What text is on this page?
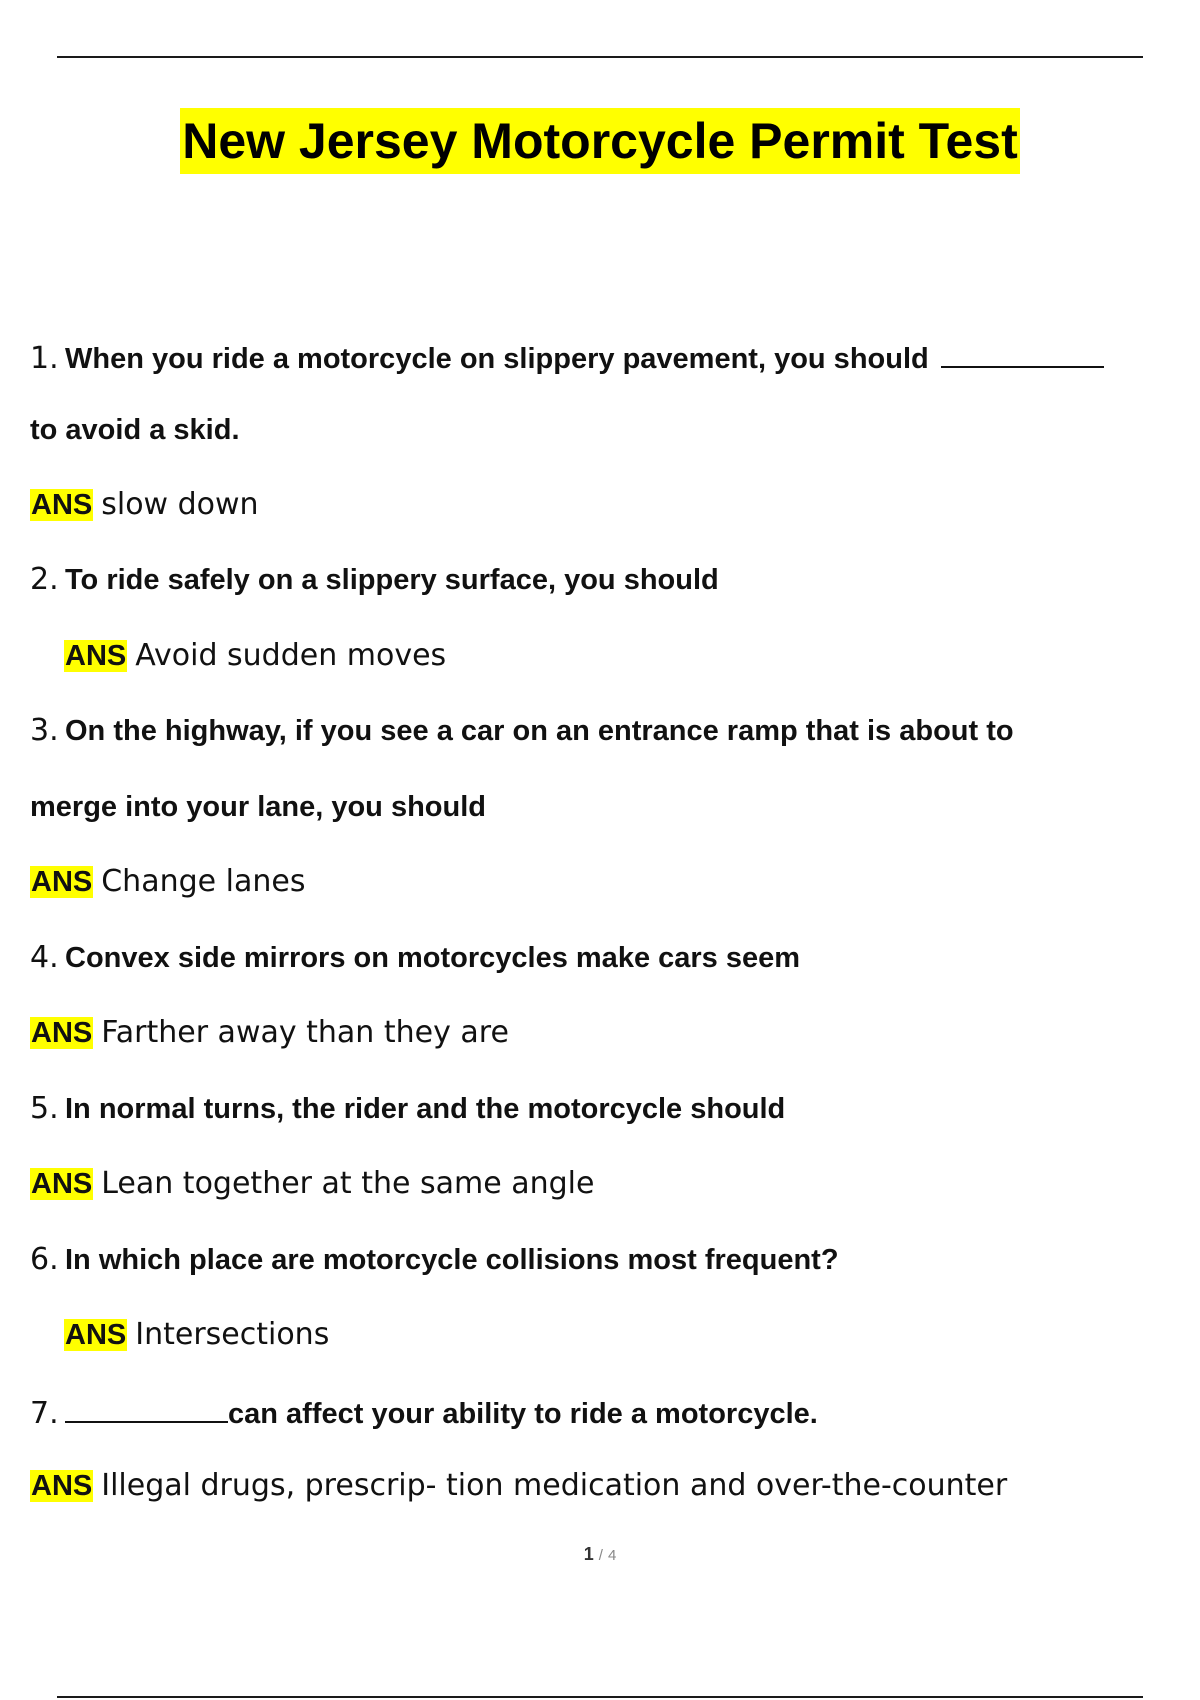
New Jersey Motorcycle Permit Test
1. When you ride a motorcycle on slippery pavement, you should
to avoid a skid.
ANS slow down
2. To ride safely on a slippery surface, you should
ANS Avoid sudden moves
3. On the highway, if you see a car on an entrance ramp that is about to
merge into your lane, you should
ANS Change lanes
4. Convex side mirrors on motorcycles make cars seem
ANS Farther away than they are
5. In normal turns, the rider and the motorcycle should
ANS Lean together at the same angle
6. In which place are motorcycle collisions most frequent?
ANS Intersections
7.	can affect your ability to ride a motorcycle.
ANS Illegal drugs, prescrip- tion medication and over-the-counter
1 / 4
